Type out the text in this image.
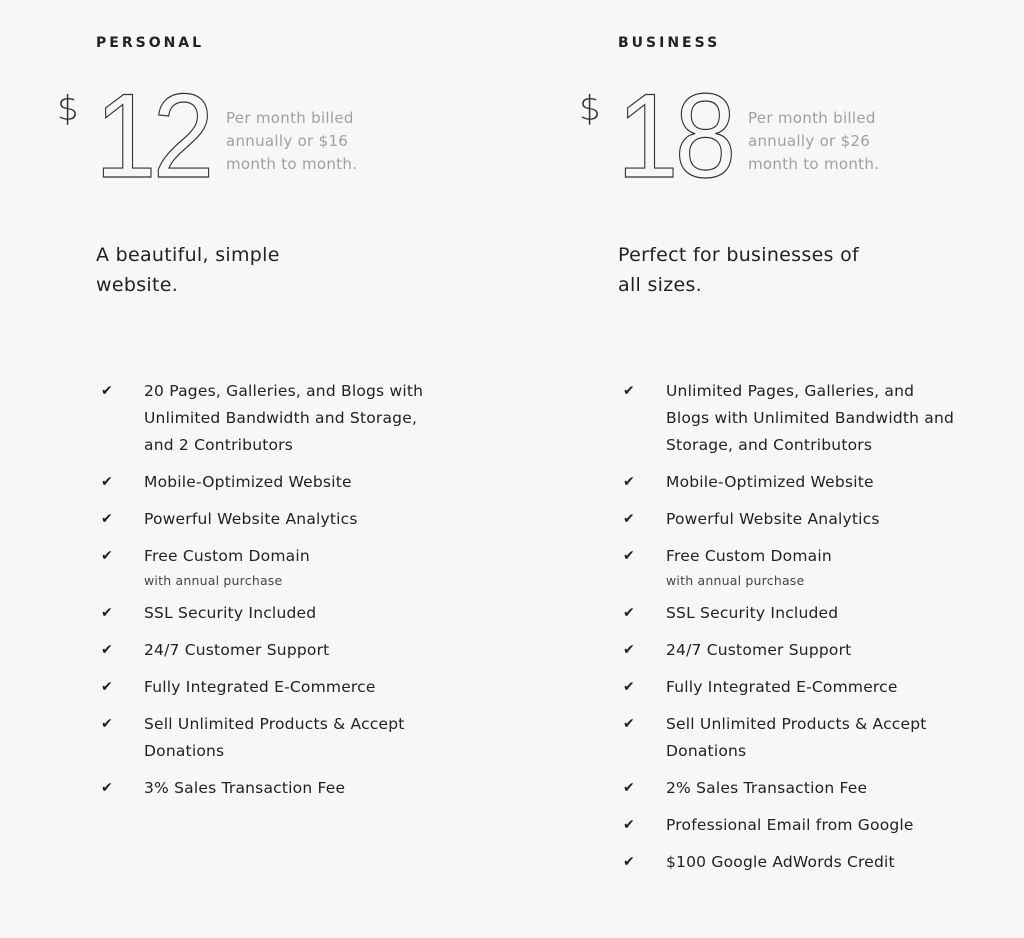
PERSONAL
$ 12 Per month billed annually or $16 month to month.
A beautiful, simple website.
✔ 20 Pages, Galleries, and Blogs with Unlimited Bandwidth and Storage, and 2 Contributors
✔ Mobile-Optimized Website
✔ Powerful Website Analytics
✔ Free Custom Domain
with annual purchase
✔ SSL Security Included
✔ 24/7 Customer Support
✔ Fully Integrated E-Commerce
✔ Sell Unlimited Products & Accept Donations
✔ 3% Sales Transaction Fee
BUSINESS
$ 18 Per month billed annually or $26 month to month.
Perfect for businesses of all sizes.
✔ Unlimited Pages, Galleries, and Blogs with Unlimited Bandwidth and Storage, and Contributors
✔ Mobile-Optimized Website
✔ Powerful Website Analytics
✔ Free Custom Domain
with annual purchase
✔ SSL Security Included
✔ 24/7 Customer Support
✔ Fully Integrated E-Commerce
✔ Sell Unlimited Products & Accept Donations
✔ 2% Sales Transaction Fee
✔ Professional Email from Google
✔ $100 Google AdWords Credit
